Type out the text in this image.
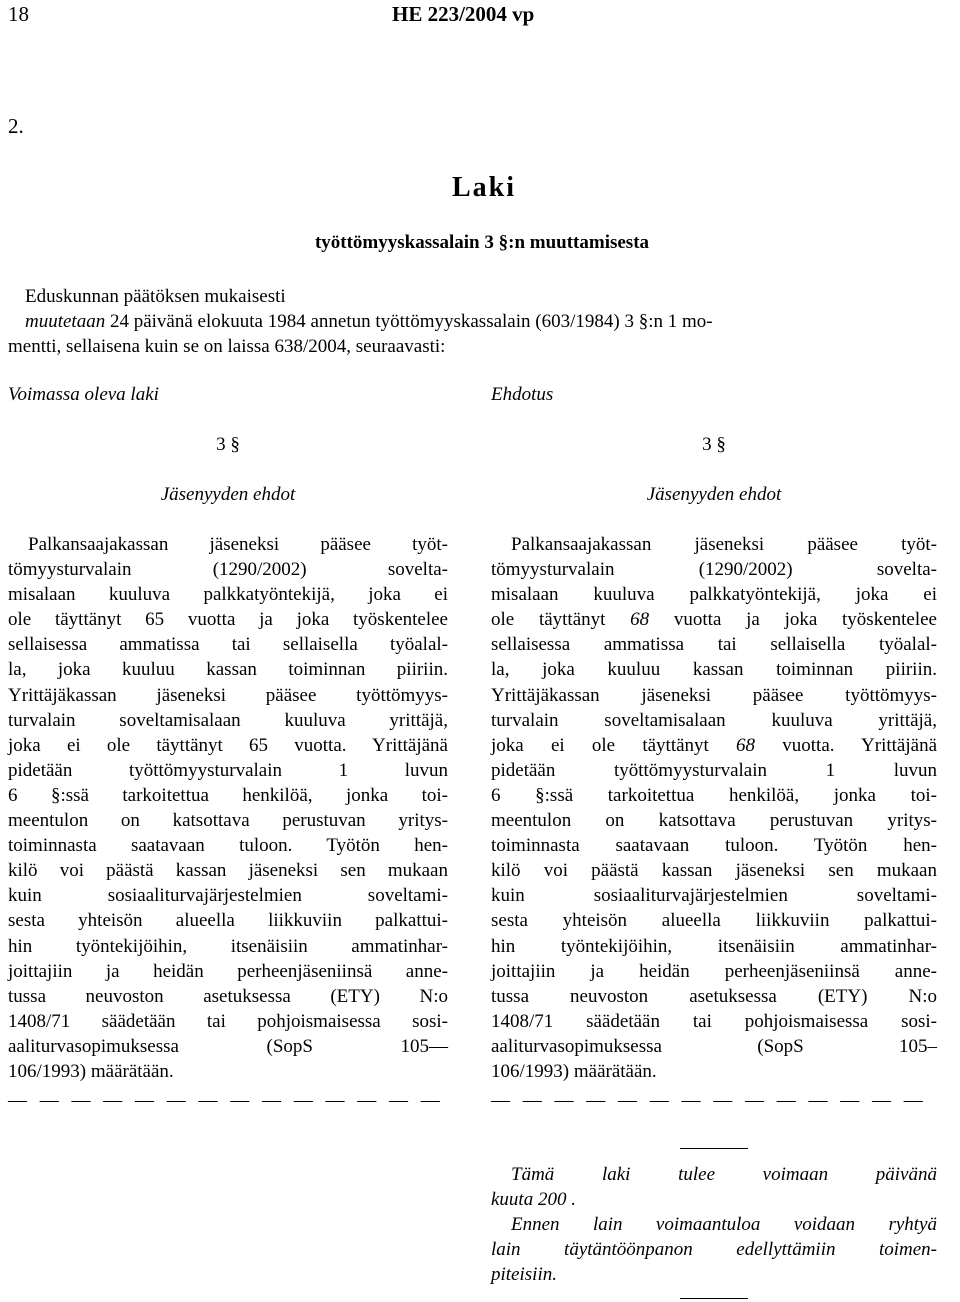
18	HE 223/2004 vp
2.
Laki
työttömyyskassalain 3 §:n muuttamisesta
Eduskunnan päätöksen mukaisesti
muutetaan 24 päivänä elokuuta 1984 annetun työttömyyskassalain (603/1984) 3 §:n 1 mo-
mentti, sellaisena kuin se on laissa 638/2004, seuraavasti:
Voimassa oleva laki
3 §
Jäsenyyden ehdot
Palkansaajakassan jäseneksi pääsee työt-
tömyysturvalain (1290/2002) sovelta-
misalaan kuuluva palkkatyöntekijä, joka ei
ole täyttänyt 65 vuotta ja joka työskentelee
sellaisessa ammatissa tai sellaisella työalal-
la, joka kuuluu kassan toiminnan piiriin.
Yrittäjäkassan jäseneksi pääsee työttömyys-
turvalain soveltamisalaan kuuluva yrittäjä,
joka ei ole täyttänyt 65 vuotta. Yrittäjänä
pidetään työttömyysturvalain 1 luvun
6 §:ssä tarkoitettua henkilöä, jonka toi-
meentulon on katsottava perustuvan yritys-
toiminnasta saatavaan tuloon. Työtön hen-
kilö voi päästä kassan jäseneksi sen mukaan
kuin sosiaaliturvajärjestelmien soveltami-
sesta yhteisön alueella liikkuviin palkattui-
hin työntekijöihin, itsenäisiin ammatinhar-
joittajiin ja heidän perheenjäseniinsä anne-
tussa neuvoston asetuksessa (ETY) N:o
1408/71 säädetään tai pohjoismaisessa sosi-
aaliturvasopimuksessa (SopS 105—
106/1993) määrätään.
— — — — — — — — — — — — — —
Ehdotus
3 §
Jäsenyyden ehdot
Palkansaajakassan jäseneksi pääsee työt-
tömyysturvalain (1290/2002) sovelta-
misalaan kuuluva palkkatyöntekijä, joka ei
ole täyttänyt 68 vuotta ja joka työskentelee
sellaisessa ammatissa tai sellaisella työalal-
la, joka kuuluu kassan toiminnan piiriin.
Yrittäjäkassan jäseneksi pääsee työttömyys-
turvalain soveltamisalaan kuuluva yrittäjä,
joka ei ole täyttänyt 68 vuotta. Yrittäjänä
pidetään työttömyysturvalain 1 luvun
6 §:ssä tarkoitettua henkilöä, jonka toi-
meentulon on katsottava perustuvan yritys-
toiminnasta saatavaan tuloon. Työtön hen-
kilö voi päästä kassan jäseneksi sen mukaan
kuin sosiaaliturvajärjestelmien soveltami-
sesta yhteisön alueella liikkuviin palkattui-
hin työntekijöihin, itsenäisiin ammatinhar-
joittajiin ja heidän perheenjäseniinsä anne-
tussa neuvoston asetuksessa (ETY) N:o
1408/71 säädetään tai pohjoismaisessa sosi-
aaliturvasopimuksessa (SopS 105–
106/1993) määrätään.
— — — — — — — — — — — — — —
Tämä laki tulee voimaan päivänä
kuuta 200 .
Ennen lain voimaantuloa voidaan ryhtyä
lain täytäntöönpanon edellyttämiin toimen-
piteisiin.
